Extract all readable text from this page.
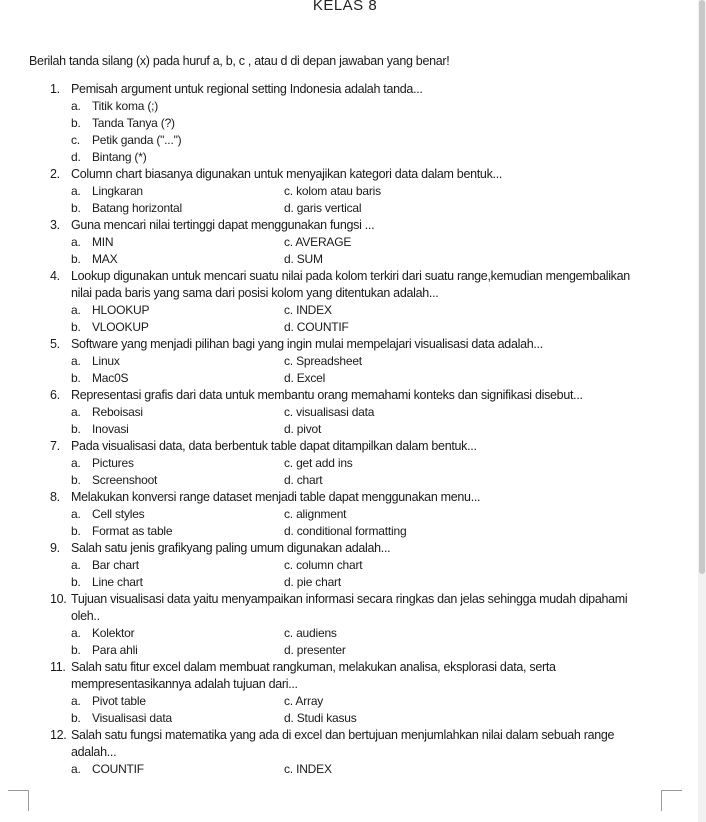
KELAS 8
Berilah tanda silang (x) pada huruf a, b, c , atau d di depan jawaban yang benar!
1. Pemisah argument untuk regional setting Indonesia adalah tanda...
a. Titik koma (;)
b. Tanda Tanya (?)
c. Petik ganda ("...")
d. Bintang (*)
2. Column chart biasanya digunakan untuk menyajikan kategori data dalam bentuk...
a. Lingkaran	c. kolom atau baris
b. Batang horizontal	d. garis vertical
3. Guna mencari nilai tertinggi dapat menggunakan fungsi ...
a. MIN	c. AVERAGE
b. MAX	d. SUM
4. Lookup digunakan untuk mencari suatu nilai pada kolom terkiri dari suatu range,kemudian mengembalikan nilai pada baris yang sama dari posisi kolom yang ditentukan adalah...
a. HLOOKUP	c. INDEX
b. VLOOKUP	d. COUNTIF
5. Software yang menjadi pilihan bagi yang ingin mulai mempelajari visualisasi data adalah...
a. Linux	c. Spreadsheet
b. Mac0S	d. Excel
6. Representasi grafis dari data untuk membantu orang memahami konteks dan signifikasi disebut...
a. Reboisasi	c. visualisasi data
b. Inovasi	d. pivot
7. Pada visualisasi data, data berbentuk table dapat ditampilkan dalam bentuk...
a. Pictures	c. get add ins
b. Screenshoot	d. chart
8. Melakukan konversi range dataset menjadi table dapat menggunakan menu...
a. Cell styles	c. alignment
b. Format as table	d. conditional formatting
9. Salah satu jenis grafikyang paling umum digunakan adalah...
a. Bar chart	c. column chart
b. Line chart	d. pie chart
10. Tujuan visualisasi data yaitu menyampaikan informasi secara ringkas dan jelas sehingga mudah dipahami oleh..
a. Kolektor	c. audiens
b. Para ahli	d. presenter
11. Salah satu fitur excel dalam membuat rangkuman, melakukan analisa, eksplorasi data, serta mempresentasikannya adalah tujuan dari...
a. Pivot table	c. Array
b. Visualisasi data	d. Studi kasus
12. Salah satu fungsi matematika yang ada di excel dan bertujuan menjumlahkan nilai dalam sebuah range adalah...
a. COUNTIF	c. INDEX
